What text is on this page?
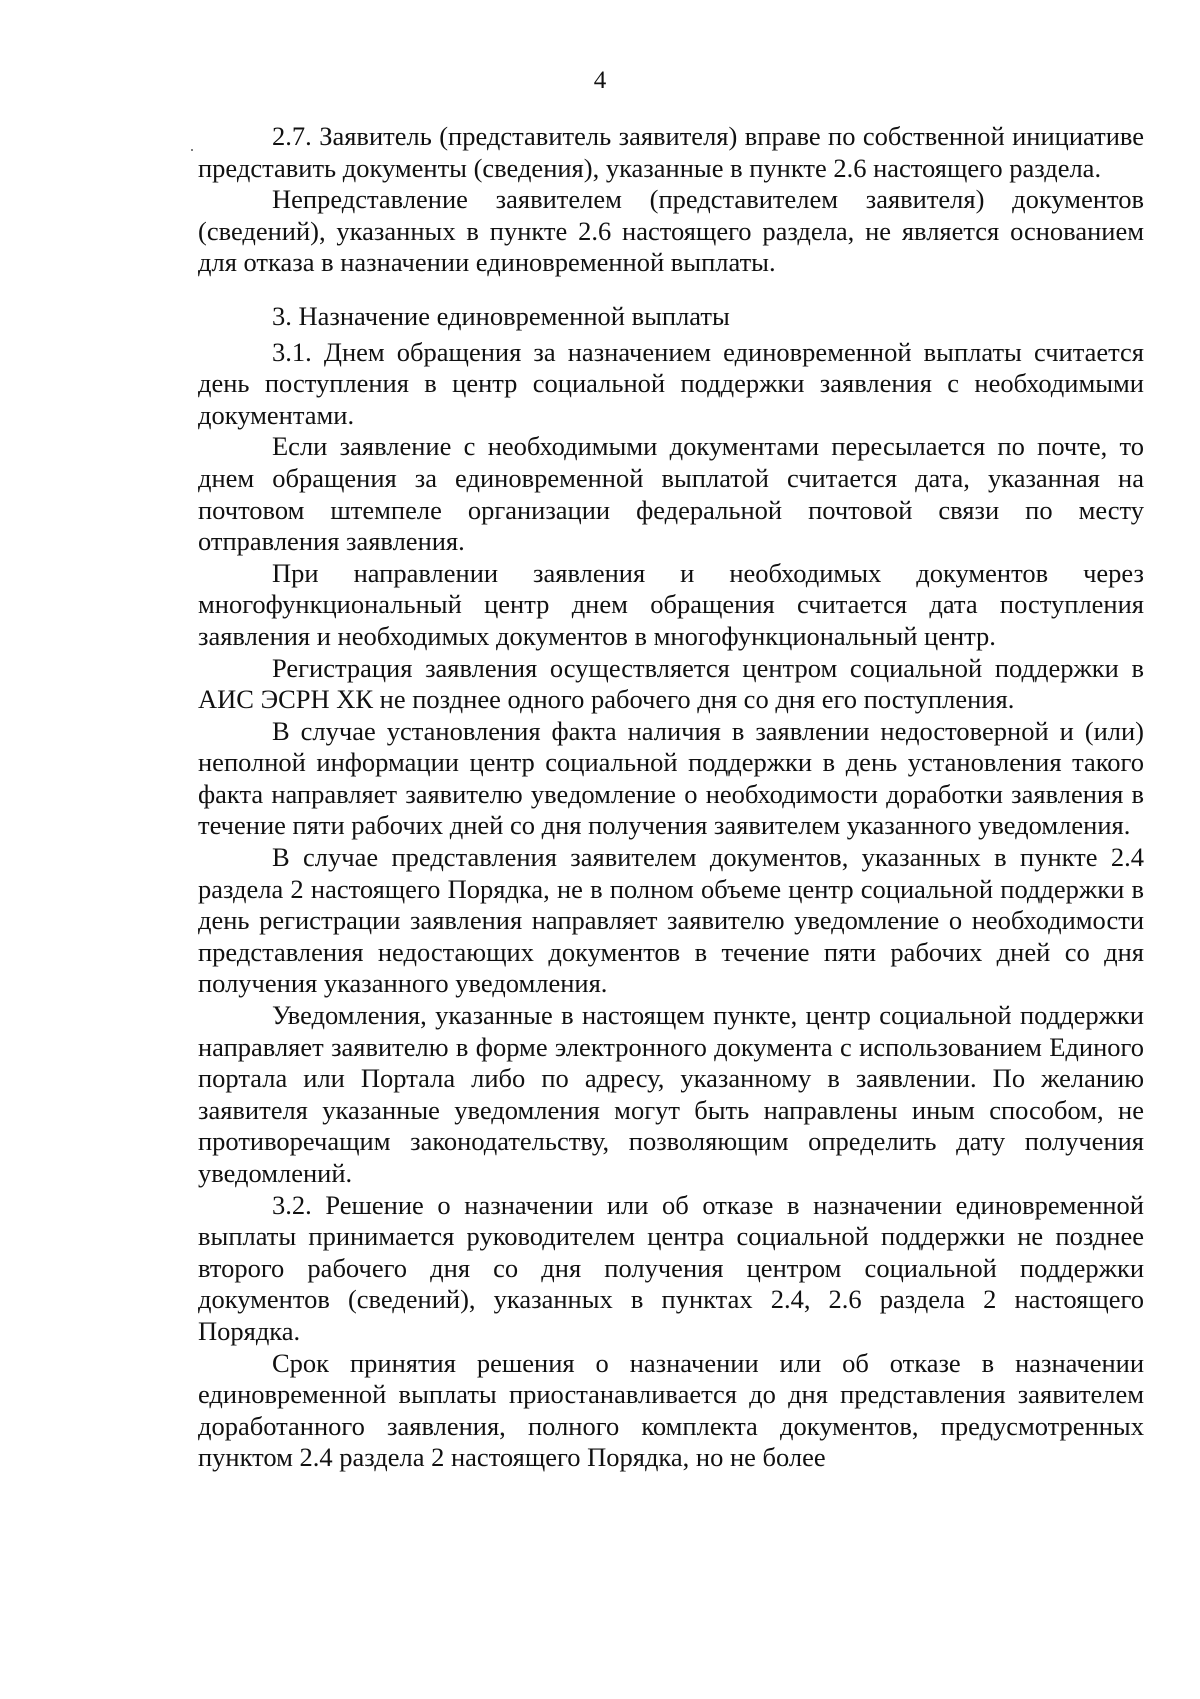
4

2.7. Заявитель (представитель заявителя) вправе по собственной инициативе представить документы (сведения), указанные в пункте 2.6 настоящего раздела.

Непредставление заявителем (представителем заявителя) документов (сведений), указанных в пункте 2.6 настоящего раздела, не является основанием для отказа в назначении единовременной выплаты.

3. Назначение единовременной выплаты

3.1. Днем обращения за назначением единовременной выплаты считается день поступления в центр социальной поддержки заявления с необходимыми документами.

Если заявление с необходимыми документами пересылается по почте, то днем обращения за единовременной выплатой считается дата, указанная на почтовом штемпеле организации федеральной почтовой связи по месту отправления заявления.

При направлении заявления и необходимых документов через многофункциональный центр днем обращения считается дата поступления заявления и необходимых документов в многофункциональный центр.

Регистрация заявления осуществляется центром социальной поддержки в АИС ЭСРН ХК не позднее одного рабочего дня со дня его поступления.

В случае установления факта наличия в заявлении недостоверной и (или) неполной информации центр социальной поддержки в день установления такого факта направляет заявителю уведомление о необходимости доработки заявления в течение пяти рабочих дней со дня получения заявителем указанного уведомления.

В случае представления заявителем документов, указанных в пункте 2.4 раздела 2 настоящего Порядка, не в полном объеме центр социальной поддержки в день регистрации заявления направляет заявителю уведомление о необходимости представления недостающих документов в течение пяти рабочих дней со дня получения указанного уведомления.

Уведомления, указанные в настоящем пункте, центр социальной поддержки направляет заявителю в форме электронного документа с использованием Единого портала или Портала либо по адресу, указанному в заявлении. По желанию заявителя указанные уведомления могут быть направлены иным способом, не противоречащим законодательству, позволяющим определить дату получения уведомлений.

3.2. Решение о назначении или об отказе в назначении единовременной выплаты принимается руководителем центра социальной поддержки не позднее второго рабочего дня со дня получения центром социальной поддержки документов (сведений), указанных в пунктах 2.4, 2.6 раздела 2 настоящего Порядка.

Срок принятия решения о назначении или об отказе в назначении единовременной выплаты приостанавливается до дня представления заявителем доработанного заявления, полного комплекта документов, предусмотренных пунктом 2.4 раздела 2 настоящего Порядка, но не более
